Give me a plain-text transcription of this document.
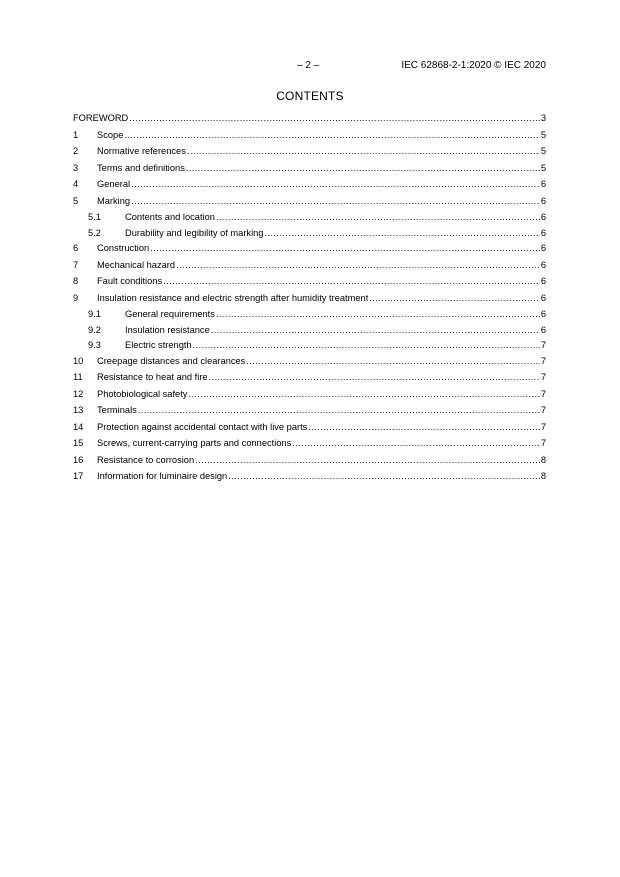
– 2 –	IEC 62868-2-1:2020 © IEC 2020
CONTENTS
FOREWORD .....	3
1	Scope .....	5
2	Normative references .....	5
3	Terms and definitions .....	5
4	General .....	6
5	Marking .....	6
5.1	Contents and location .....	6
5.2	Durability and legibility of marking .....	6
6	Construction .....	6
7	Mechanical hazard .....	6
8	Fault conditions .....	6
9	Insulation resistance and electric strength after humidity treatment .....	6
9.1	General requirements .....	6
9.2	Insulation resistance .....	6
9.3	Electric strength .....	7
10	Creepage distances and clearances .....	7
11	Resistance to heat and fire .....	7
12	Photobiological safety .....	7
13	Terminals .....	7
14	Protection against accidental contact with live parts .....	7
15	Screws, current-carrying parts and connections .....	7
16	Resistance to corrosion .....	8
17	Information for luminaire design .....	8
